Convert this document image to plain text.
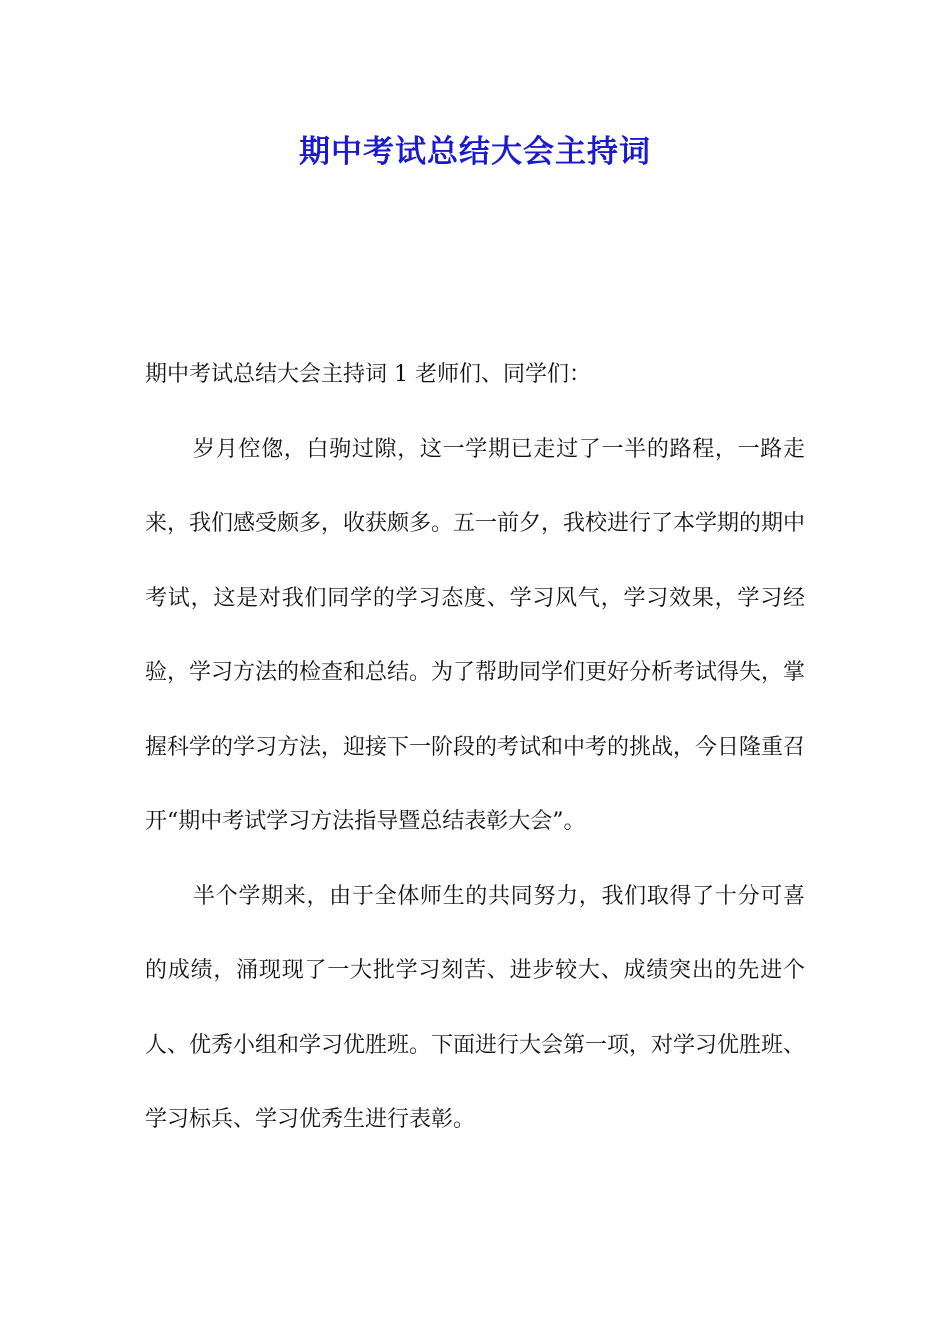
期中考试总结大会主持词

期中考试总结大会主持词 1 老师们、同学们：

岁月倥偬，白驹过隙，这一学期已走过了一半的路程，一路走来，我们感受颇多，收获颇多。五一前夕，我校进行了本学期的期中考试，这是对我们同学的学习态度、学习风气，学习效果，学习经验，学习方法的检查和总结。为了帮助同学们更好分析考试得失，掌握科学的学习方法，迎接下一阶段的考试和中考的挑战，今日隆重召开“期中考试学习方法指导暨总结表彰大会”。

半个学期来，由于全体师生的共同努力，我们取得了十分可喜的成绩，涌现现了一大批学习刻苦、进步较大、成绩突出的先进个人、优秀小组和学习优胜班。下面进行大会第一项，对学习优胜班、学习标兵、学习优秀生进行表彰。
